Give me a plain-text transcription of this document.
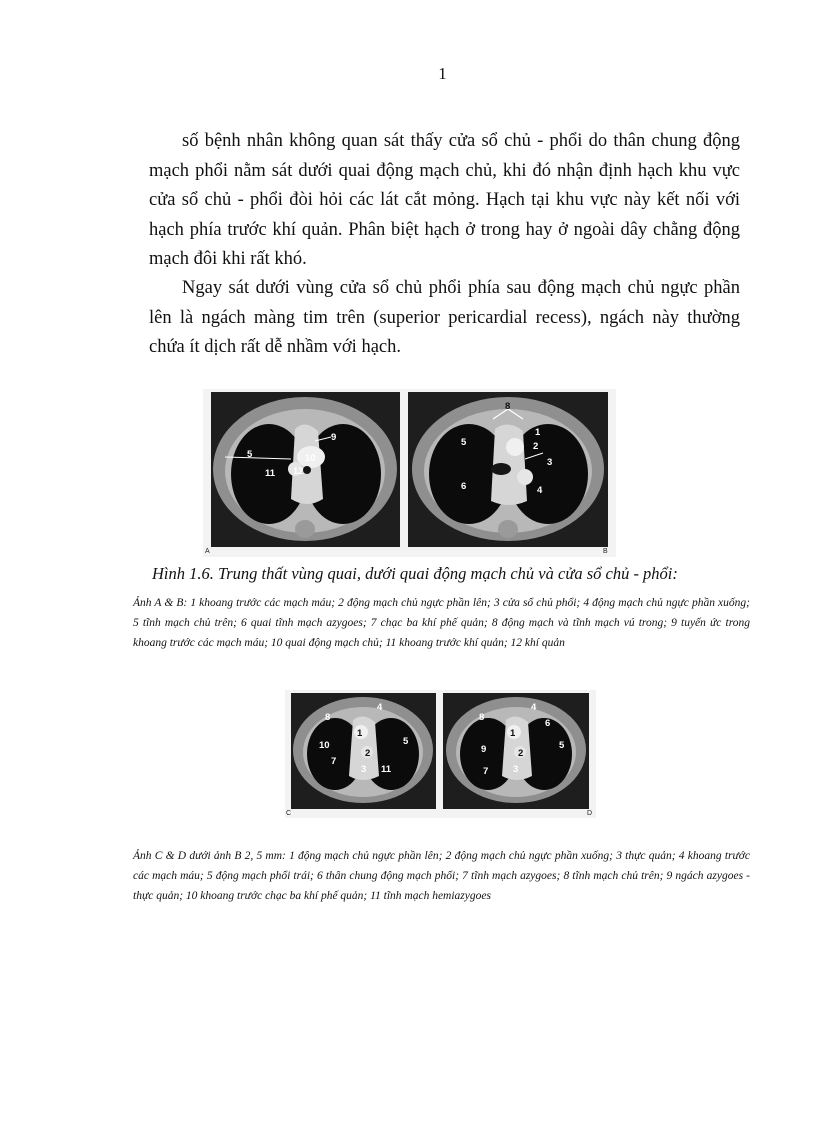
1

số bệnh nhân không quan sát thấy cửa sổ chủ - phổi do thân chung động mạch phổi nằm sát dưới quai động mạch chủ, khi đó nhận định hạch khu vực cửa sổ chủ - phổi đòi hỏi các lát cắt mỏng. Hạch tại khu vực này kết nối với hạch phía trước khí quản. Phân biệt hạch ở trong hay ở ngoài dây chằng động mạch đôi khi rất khó.

Ngay sát dưới vùng cửa sổ chủ phổi phía sau động mạch chủ ngực phần lên là ngách màng tim trên (superior pericardial recess), ngách này thường chứa ít dịch rất dễ nhầm với hạch.

5
9
10
11 12
A
8
1
2
5
3
7
6	4
B
Hình 1.6. Trung thất vùng quai, dưới quai động mạch chủ và cửa sổ chủ - phổi:
Ảnh A & B: 1 khoang trước các mạch máu; 2 động mạch chủ ngực phần lên; 3 cửa sổ chủ phổi; 4 động mạch chủ ngực phần xuống; 5 tĩnh mạch chủ trên; 6 quai tĩnh mạch azygoes; 7 chạc ba khí phế quản; 8 động mạch và tĩnh mạch vú trong; 9 tuyến ức trong khoang trước các mạch máu; 10 quai động mạch chủ; 11 khoang trước khí quản; 12 khí quản
8
4
1
10	5
2
7
3 11
C
8
4
1
6
9	2
5
7	3
D
Ảnh C & D dưới ảnh B 2, 5 mm: 1 động mạch chủ ngực phần lên; 2 động mạch chủ ngực phần xuống; 3 thực quản; 4 khoang trước các mạch máu; 5 động mạch phổi trái; 6 thân chung động mạch phổi; 7 tĩnh mạch azygoes; 8 tĩnh mạch chủ trên; 9 ngách azygoes - thực quản; 10 khoang trước chạc ba khí phế quản; 11 tĩnh mạch hemiazygoes
